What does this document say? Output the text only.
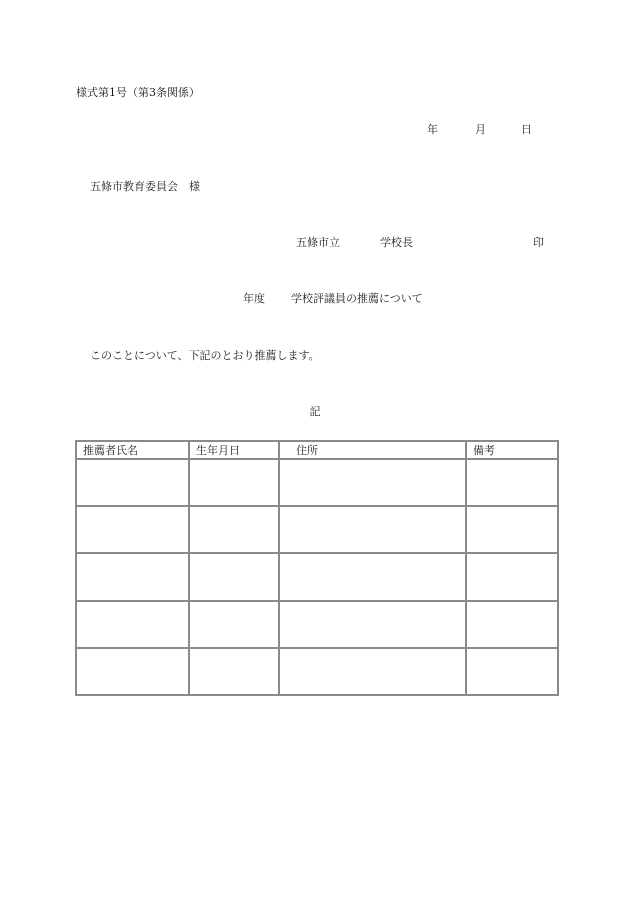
様式第1号（第3条関係）
年	月	日
五條市教育委員会　様
五條市立	学校長	印
年度 学校評議員の推薦について
このことについて、下記のとおり推薦します。
記
推薦者氏名	生年月日	住所	備考
